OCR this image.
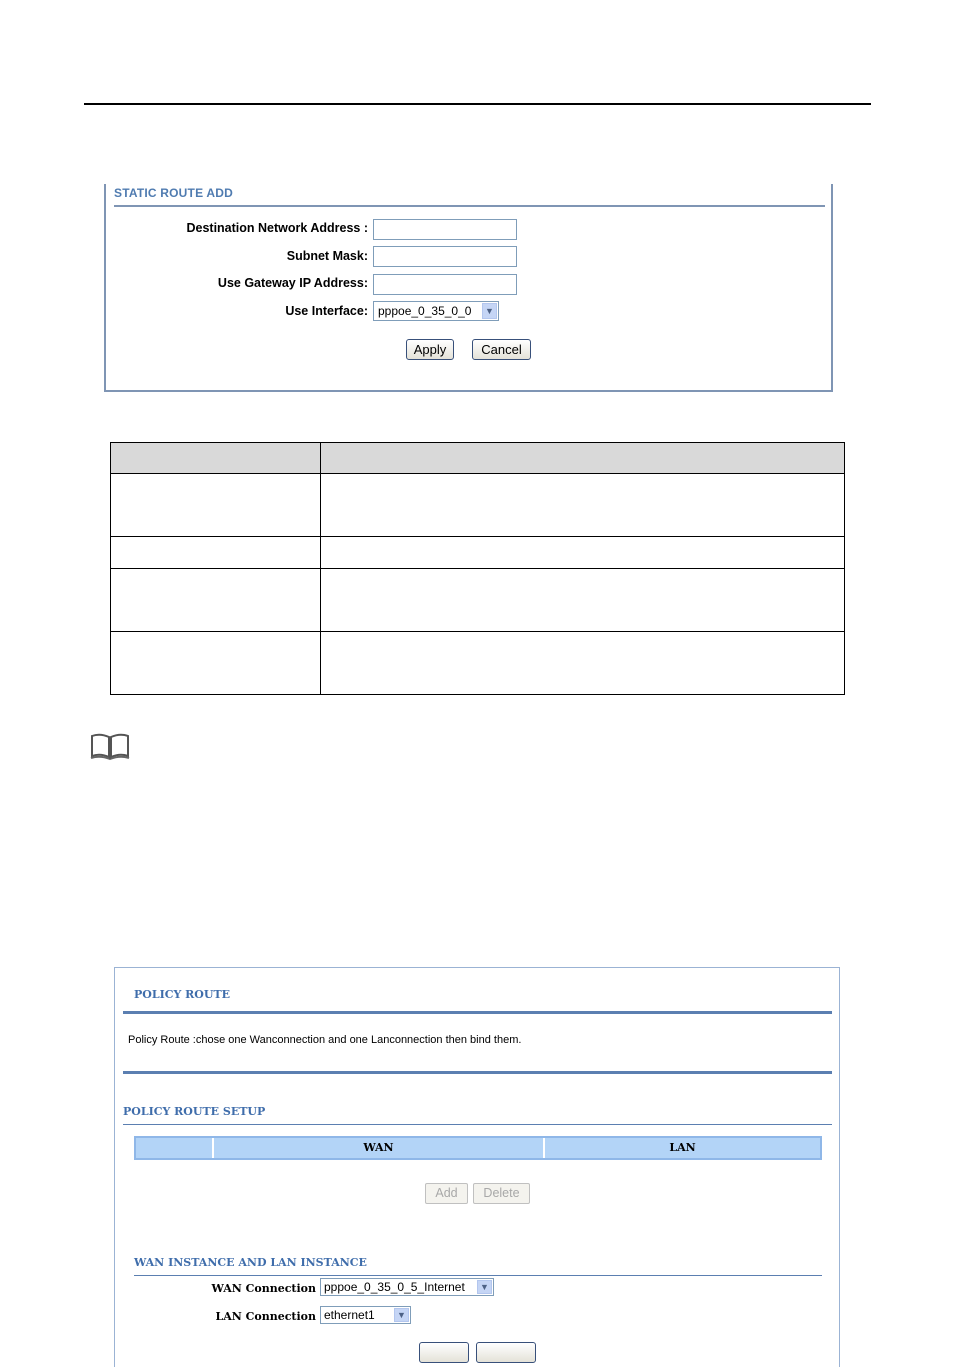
STATIC ROUTE ADD
Destination Network Address :
Subnet Mask:
Use Gateway IP Address:
Use Interface: pppoe_0_35_0_0	▼
Apply	Cancel

POLICY ROUTE
Policy Route :chose one Wanconnection and one Lanconnection then bind them.
POLICY ROUTE SETUP
WAN	LAN
Add	Delete
WAN INSTANCE AND LAN INSTANCE
WAN Connection pppoe_0_35_0_5_Internet	▼
LAN Connection ethernet1	▼
